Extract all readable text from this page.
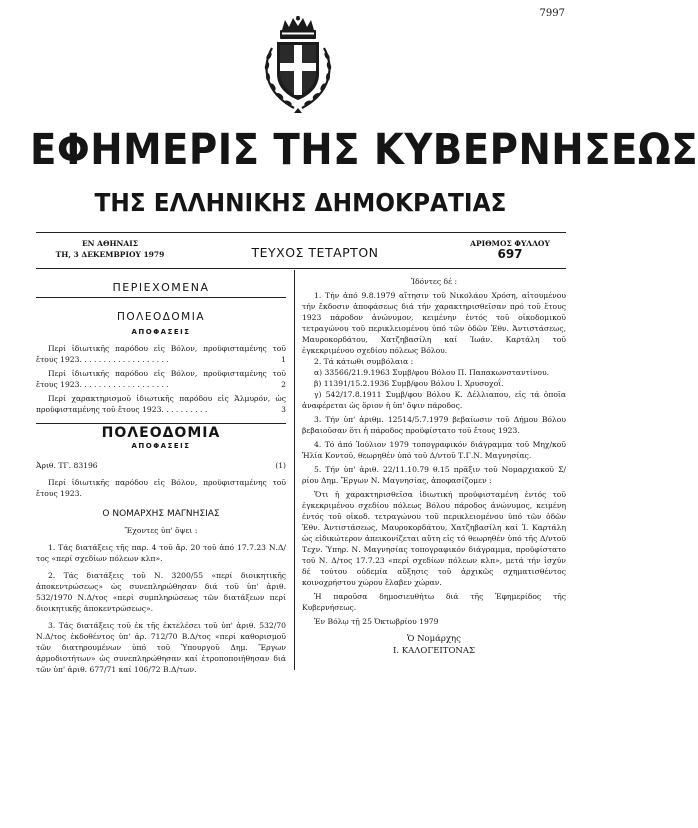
7997
ΕΦΗΜΕΡΙΣ ΤΗΣ ΚΥΒΕΡΝΗΣΕΩΣ
ΤΗΣ ΕΛΛΗΝΙΚΗΣ ΔΗΜΟΚΡΑΤΙΑΣ
ΕΝ ΑΘΗΝΑΙΣ
ΤΗ, 3 ΔΕΚΕΜΒΡΙΟΥ 1979	ΤΕΥΧΟΣ ΤΕΤΑΡΤΟΝ
ΑΡΙΘΜΟΣ ΦΥΛΛΟΥ
697
ΠΕΡΙΕΧΟΜΕΝΑ
ΠΟΛΕΟΔΟΜΙΑ
ΑΠΟΦΑΣΕΙΣ
Περί ἰδιωτικῆς παρόδου εἰς Βόλον, προϋφισταμένης τοῦ ἔτους 1923. . . . . . . . . . . . . . . . . . .	1
Περί ἰδιωτικῆς παρόδου εἰς Βόλον, προϋφισταμένης τοῦ ἔτους 1923. . . . . . . . . . . . . . . . . . .	2
Περί χαρακτηρισμοῦ ἰδιωτικῆς παρόδου εἰς Ἀλμυρόν, ὡς προϋφισταμένης τοῦ ἔτους 1923. . . . . . . . . .	3
ΠΟΛΕΟΔΟΜΙΑ
ΑΠΟΦΑΣΕΙΣ
Ἀριθ. ΤΓ. 83196	(1)

Περί ἰδιωτικῆς παρόδου εἰς Βόλον, προϋφισταμένης τοῦ ἔτους 1923.

Ο ΝΟΜΑΡΧΗΣ ΜΑΓΝΗΣΙΑΣ
Ἔχοντες ὑπ' ὄψει :

1. Τάς διατάξεις τῆς παρ. 4 τοῦ ἄρ. 20 τοῦ ἀπό 17.7.23 Ν.Δ/τος «περί σχεδίων πόλεων κλπ».

2. Τάς διατάξεις τοῦ Ν. 3200/55 «περί διοικητικῆς ἀποκεντρώσεως» ὡς συνεπληρώθησαν διά τοῦ ὑπ' ἀριθ. 532/1970 Ν.Δ/τος «περί συμπληρώσεως τῶν διατάξεων περί διοικητικῆς ἀποκεντρώσεως».

3. Τάς διατάξεις τοῦ ἐκ τῆς ἐκτελέσει τοῦ ὑπ' ἀριθ. 532/70 Ν.Δ/τος ἐκδοθέντος ὑπ' ἀρ. 712/70 Β.Δ/τος «περί καθορισμοῦ τῶν διατηρουμένων ὑπό τοῦ Ὑπουργοῦ Δημ. Ἔργων ἁρμοδιοτήτων» ὡς συνεπληρώθησαν καί ἐτροποποιήθησαν διά τῶν ὑπ' ἀριθ. 677/71 καί 106/72 Β.Δ/των.

Ἰδόντες δέ :

1. Τήν ἀπό 9.8.1979 αἴτησιν τοῦ Νικολάου Χρόση, αἰτουμένου τήν ἔκδοσιν ἀποφάσεως διά τήν χαρακτηρισθεῖσαν πρό τοῦ ἔτους 1923 πάροδον ἀνώνυμον, κειμένην ἐντός τοῦ οἰκοδομικοῦ τετραγώνου τοῦ περικλειομένου ὑπό τῶν ὁδῶν Ἐθν. Ἀντιστάσεως, Μαυροκορδάτου, Χατζηβασίλη καί Ἰωάν. Καρτάλη τοῦ ἐγκεκριμένου σχεδίου πόλεως Βόλου.

2. Τά κάτωθι συμβόλαια :

α) 33566/21.9.1963 Συμβ/φου Βόλου Π. Παπακωνσταντίνου.

β) 11391/15.2.1936 Συμβ/φου Βόλου Ι. Χρυσοχοΐ.

γ) 542/17.8.1911 Συμβ/φου Βόλου Κ. Δέλλιαπου, εἰς τά ὁποῖα ἀναφέρεται ὡς ὅριον ἡ ὑπ' ὄψιν πάροδος.

3. Τήν ὑπ' ἀριθμ. 12514/5.7.1979 βεβαίωσιν τοῦ Δήμου Βόλου βεβαιοῦσαν ὅτι ἡ πάροδος προϋφίστατο τοῦ ἔτους 1923.

4. Τό ἀπό Ἰούλιον 1979 τοπογραφικόν διάγραμμα τοῦ Μηχ/κοῦ Ἠλία Κοντοῦ, θεωρηθέν ὑπό τοῦ Δ/ντοῦ Τ.Γ.Ν. Μαγνησίας.

5. Τήν ὑπ' ἀριθ. 22/11.10.79 θ.15 πρᾶξιν τοῦ Νομαρχιακοῦ Σ/ρίου Δημ. Ἔργων Ν. Μαγνησίας, ἀποφασίζομεν :

Ὅτι ἡ χαρακτηρισθεῖσα ἰδιωτική προϋφισταμένη ἐντός τοῦ ἐγκεκριμένου σχεδίου πόλεως Βόλου πάροδος ἀνώνυμος, κειμένη ἐντός τοῦ οἰκοδ. τετραγώνου τοῦ περικλειομένου ὑπό τῶν ὁδῶν Ἐθν. Ἀντιστάσεως, Μαυροκορδάτου, Χατζηβασίλη καί Ἰ. Καρτάλη ὡς εἰδικώτερον ἀπεικονίζεται αὕτη εἰς τό θεωρηθέν ὑπό τῆς Δ/ντοῦ Τεχν. Ὑπηρ. Ν. Μαγνησίας τοπογραφικόν διάγραμμα, προϋφίστατο τοῦ Ν. Δ/τος 17.7.23 «περί σχεδίων πόλεων κλπ», μετά τήν ἰσχύν δέ τούτου οὐδεμία αὔξησις τοῦ ἀρχικῶς σχηματισθέντος κοινοχρήστου χώρου ἔλαβεν χώραν.

Ἡ παροῦσα δημοσιευθήτω διά τῆς Ἐφημερίδος τῆς Κυβερνήσεως.

Ἐν Βόλῳ τῇ 25 Ὀκτωβρίου 1979

Ὁ Νομάρχης
Ι. ΚΑΛΟΓΕΙΤΟΝΑΣ
